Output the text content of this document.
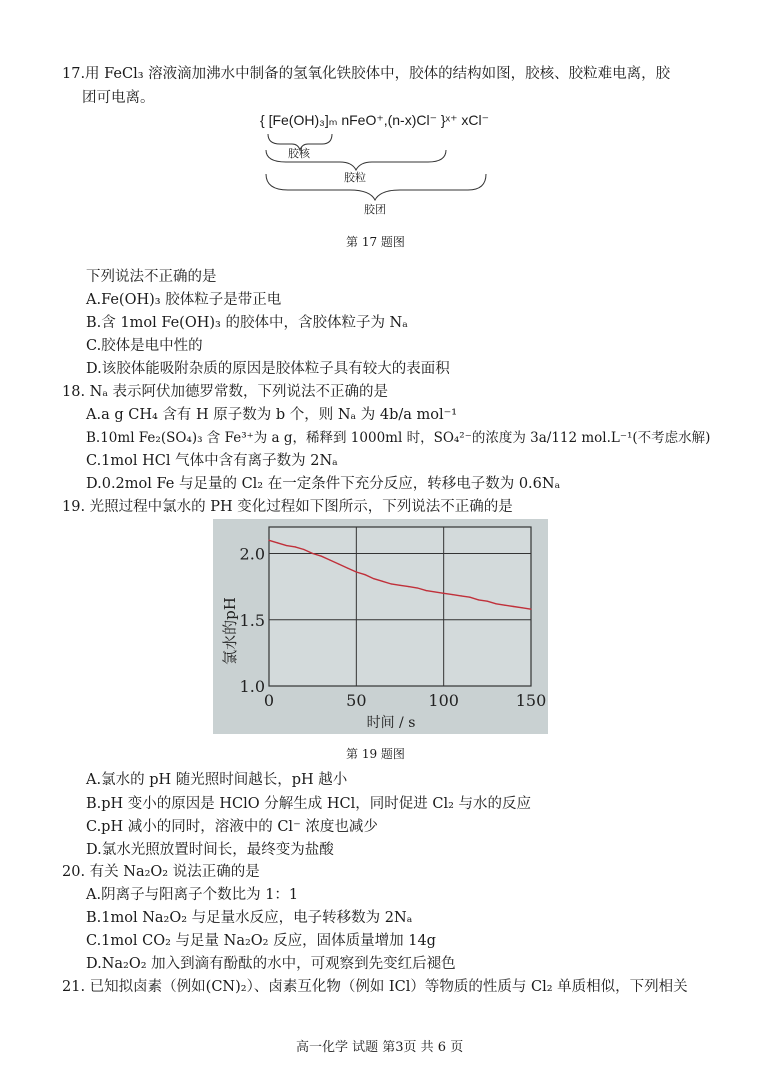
17.用 FeCl₃ 溶液滴加沸水中制备的氢氧化铁胶体中，胶体的结构如图，胶核、胶粒难电离，胶
团可电离。
{ [Fe(OH)₃]ₘ nFeO⁺,(n-x)Cl⁻ }ˣ⁺ xCl⁻
胶核
胶粒
胶团
第 17 题图
下列说法不正确的是
A.Fe(OH)₃ 胶体粒子是带正电
B.含 1mol Fe(OH)₃ 的胶体中，含胶体粒子为 Nₐ
C.胶体是电中性的
D.该胶体能吸附杂质的原因是胶体粒子具有较大的表面积
18. Nₐ 表示阿伏加德罗常数，下列说法不正确的是
A.a g CH₄ 含有 H 原子数为 b 个，则 Nₐ 为 4b/a mol⁻¹
B.10ml Fe₂(SO₄)₃ 含 Fe³⁺为 a g，稀释到 1000ml 时，SO₄²⁻的浓度为 3a/112 mol.L⁻¹(不考虑水解)
C.1mol HCl 气体中含有离子数为 2Nₐ
D.0.2mol Fe 与足量的 Cl₂ 在一定条件下充分反应，转移电子数为 0.6Nₐ
19. 光照过程中氯水的 PH 变化过程如下图所示，下列说法不正确的是
0	50	100	150
1.0
1.5
2.0
氯水的pH
时间 / s
第 19 题图
A.氯水的 pH 随光照时间越长，pH 越小
B.pH 变小的原因是 HClO 分解生成 HCl，同时促进 Cl₂ 与水的反应
C.pH 减小的同时，溶液中的 Cl⁻ 浓度也减少
D.氯水光照放置时间长，最终变为盐酸
20. 有关 Na₂O₂ 说法正确的是
A.阴离子与阳离子个数比为 1：1
B.1mol Na₂O₂ 与足量水反应，电子转移数为 2Nₐ
C.1mol CO₂ 与足量 Na₂O₂ 反应，固体质量增加 14g
D.Na₂O₂ 加入到滴有酚酞的水中，可观察到先变红后褪色
21. 已知拟卤素（例如(CN)₂）、卤素互化物（例如 ICl）等物质的性质与 Cl₂ 单质相似，下列相关
高一化学 试题 第3页 共 6 页
